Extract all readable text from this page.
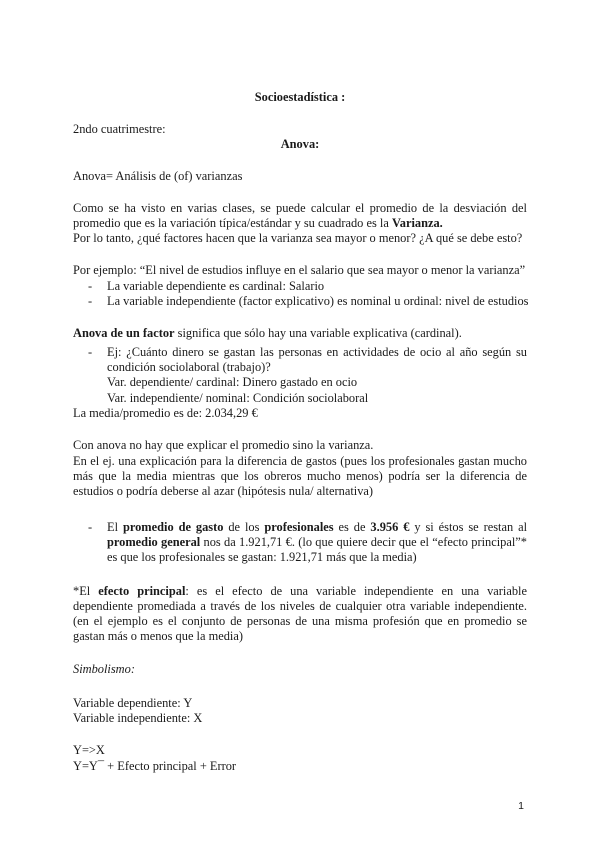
Socioestadística :
2ndo cuatrimestre:
Anova:
Anova= Análisis de (of) varianzas
Como se ha visto en varias clases, se puede calcular el promedio de la desviación del promedio que es la variación típica/estándar y su cuadrado es la Varianza.
Por lo tanto, ¿qué factores hacen que la varianza sea mayor o menor? ¿A qué se debe esto?
Por ejemplo: “El nivel de estudios influye en el salario que sea mayor o menor la varianza”
- La variable dependiente es cardinal: Salario
- La variable independiente (factor explicativo) es nominal u ordinal: nivel de estudios
Anova de un factor significa que sólo hay una variable explicativa (cardinal).
- Ej: ¿Cuánto dinero se gastan las personas en actividades de ocio al año según su condición sociolaboral (trabajo)?
Var. dependiente/ cardinal: Dinero gastado en ocio
Var. independiente/ nominal: Condición sociolaboral
La media/promedio es de: 2.034,29 €
Con anova no hay que explicar el promedio sino la varianza.
En el ej. una explicación para la diferencia de gastos (pues los profesionales gastan mucho más que la media mientras que los obreros mucho menos) podría ser la diferencia de estudios o podría deberse al azar (hipótesis nula/ alternativa)
- El promedio de gasto de los profesionales es de 3.956 € y si éstos se restan al promedio general nos da 1.921,71 €. (lo que quiere decir que el “efecto principal”* es que los profesionales se gastan: 1.921,71 más que la media)
*El efecto principal: es el efecto de una variable independiente en una variable dependiente promediada a través de los niveles de cualquier otra variable independiente. (en el ejemplo es el conjunto de personas de una misma profesión que en promedio se gastan más o menos que la media)
Simbolismo:
Variable dependiente: Y
Variable independiente: X
Y=>X
Y=Y¯ + Efecto principal + Error
1
